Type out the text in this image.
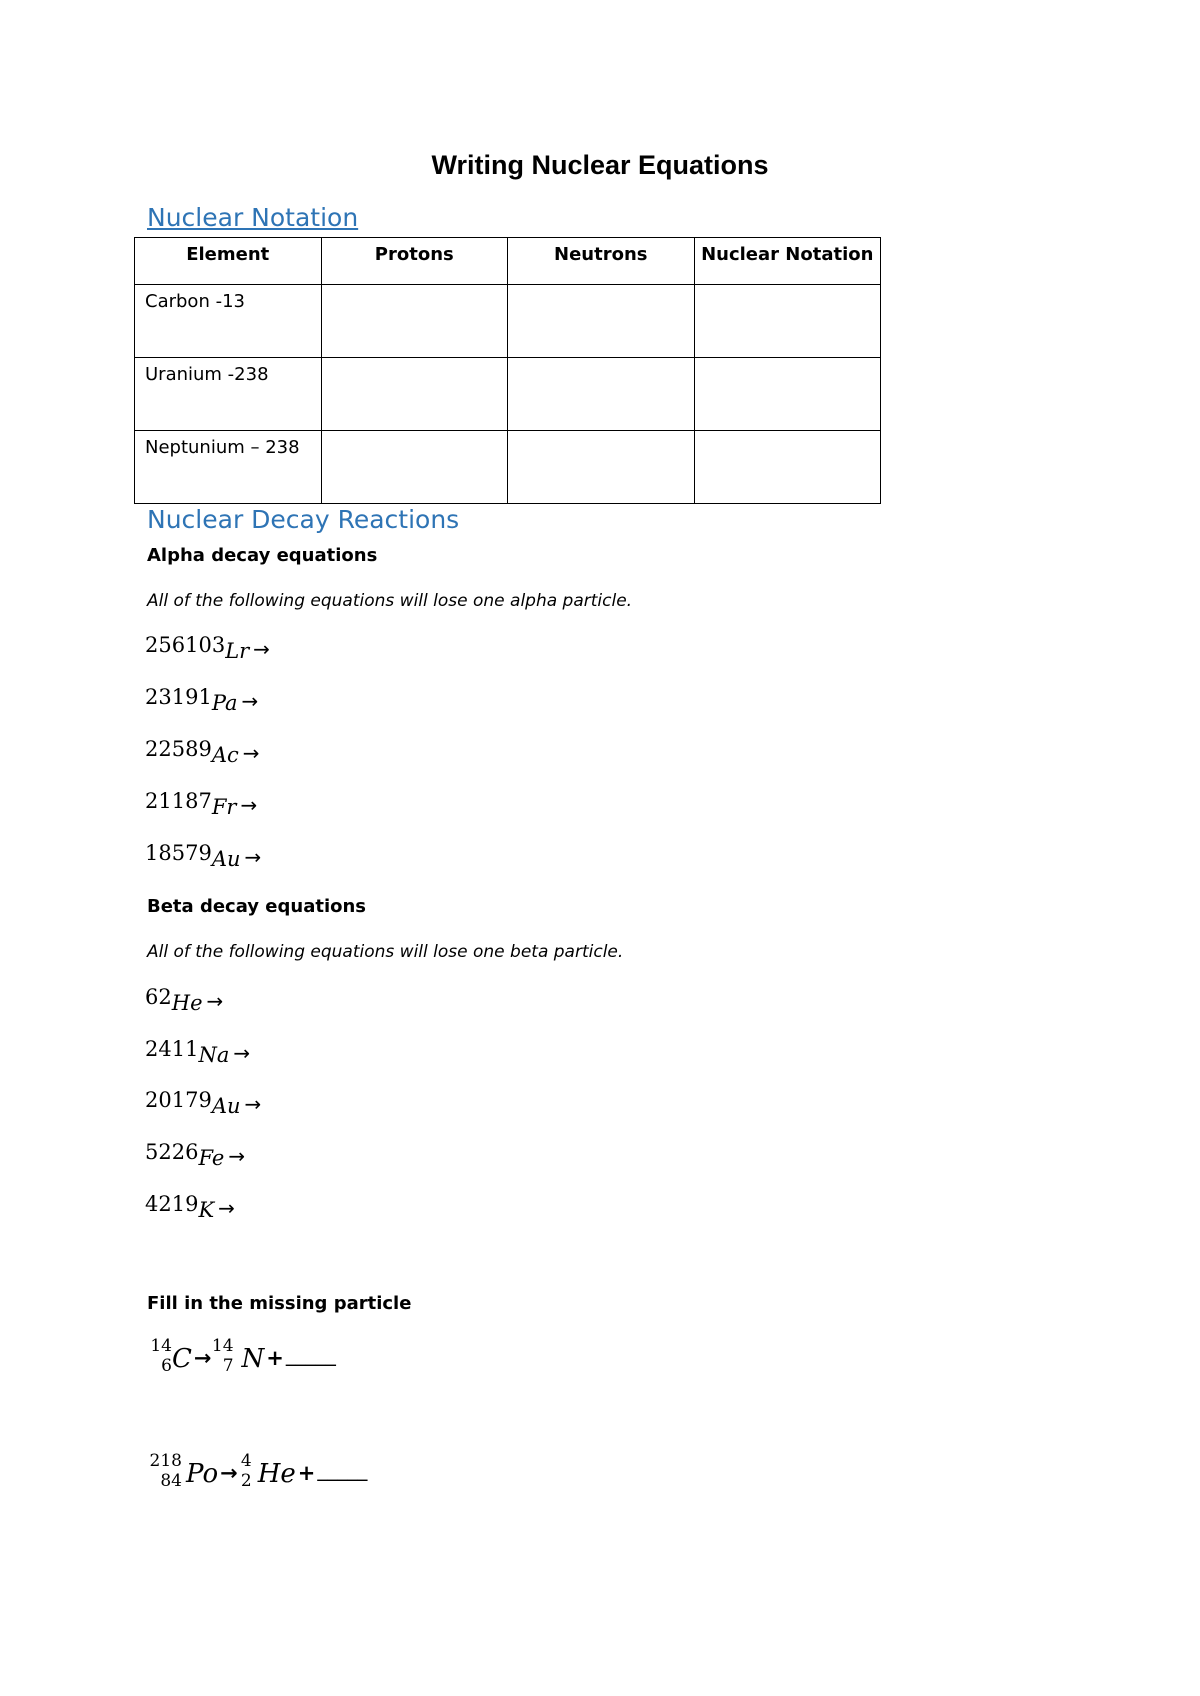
Writing Nuclear Equations
Nuclear Notation
Element	Protons	Neutrons	Nuclear Notation
Carbon -13			
Uranium -238			
Neptunium – 238			
Nuclear Decay Reactions
Alpha decay equations
All of the following equations will lose one alpha particle.
256103Lr →
23191Pa →
22589Ac →
21187Fr →
18579Au →
Beta decay equations
All of the following equations will lose one beta particle.
62He →
2411Na →
20179Au →
5226Fe →
4219K →
Fill in the missing particle
14
6 C→ 14
7 N+ _____
218
84 Po→ 4
2 He+ _____
